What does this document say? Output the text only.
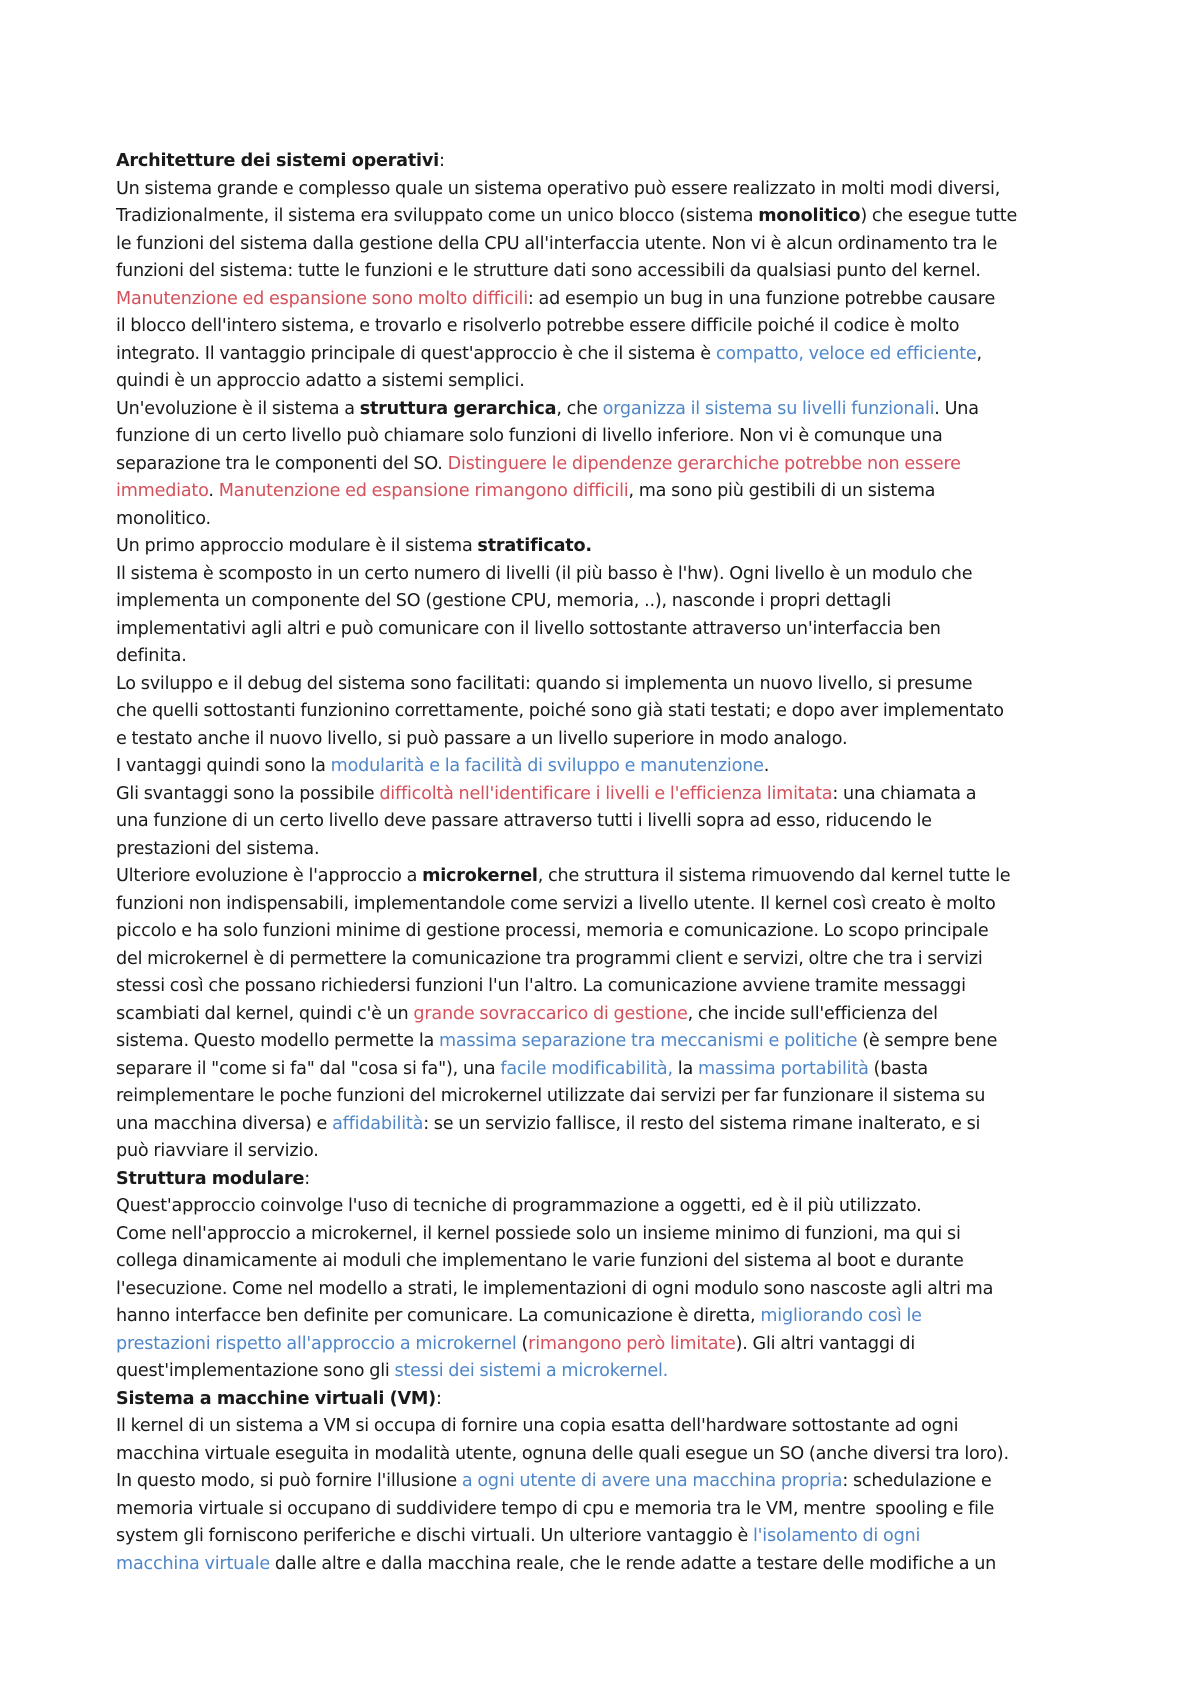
Architetture dei sistemi operativi:
Un sistema grande e complesso quale un sistema operativo può essere realizzato in molti modi diversi,
Tradizionalmente, il sistema era sviluppato come un unico blocco (sistema monolitico) che esegue tutte
le funzioni del sistema dalla gestione della CPU all'interfaccia utente. Non vi è alcun ordinamento tra le
funzioni del sistema: tutte le funzioni e le strutture dati sono accessibili da qualsiasi punto del kernel.
Manutenzione ed espansione sono molto difficili: ad esempio un bug in una funzione potrebbe causare
il blocco dell'intero sistema, e trovarlo e risolverlo potrebbe essere difficile poiché il codice è molto
integrato. Il vantaggio principale di quest'approccio è che il sistema è compatto, veloce ed efficiente,
quindi è un approccio adatto a sistemi semplici.
Un'evoluzione è il sistema a struttura gerarchica, che organizza il sistema su livelli funzionali. Una
funzione di un certo livello può chiamare solo funzioni di livello inferiore. Non vi è comunque una
separazione tra le componenti del SO. Distinguere le dipendenze gerarchiche potrebbe non essere
immediato. Manutenzione ed espansione rimangono difficili, ma sono più gestibili di un sistema
monolitico.
Un primo approccio modulare è il sistema stratificato.
Il sistema è scomposto in un certo numero di livelli (il più basso è l'hw). Ogni livello è un modulo che
implementa un componente del SO (gestione CPU, memoria, ..), nasconde i propri dettagli
implementativi agli altri e può comunicare con il livello sottostante attraverso un'interfaccia ben
definita.
Lo sviluppo e il debug del sistema sono facilitati: quando si implementa un nuovo livello, si presume
che quelli sottostanti funzionino correttamente, poiché sono già stati testati; e dopo aver implementato
e testato anche il nuovo livello, si può passare a un livello superiore in modo analogo.
I vantaggi quindi sono la modularità e la facilità di sviluppo e manutenzione.
Gli svantaggi sono la possibile difficoltà nell'identificare i livelli e l'efficienza limitata: una chiamata a
una funzione di un certo livello deve passare attraverso tutti i livelli sopra ad esso, riducendo le
prestazioni del sistema.
Ulteriore evoluzione è l'approccio a microkernel, che struttura il sistema rimuovendo dal kernel tutte le
funzioni non indispensabili, implementandole come servizi a livello utente. Il kernel così creato è molto
piccolo e ha solo funzioni minime di gestione processi, memoria e comunicazione. Lo scopo principale
del microkernel è di permettere la comunicazione tra programmi client e servizi, oltre che tra i servizi
stessi così che possano richiedersi funzioni l'un l'altro. La comunicazione avviene tramite messaggi
scambiati dal kernel, quindi c'è un grande sovraccarico di gestione, che incide sull'efficienza del
sistema. Questo modello permette la massima separazione tra meccanismi e politiche (è sempre bene
separare il "come si fa" dal "cosa si fa"), una facile modificabilità, la massima portabilità (basta
reimplementare le poche funzioni del microkernel utilizzate dai servizi per far funzionare il sistema su
una macchina diversa) e affidabilità: se un servizio fallisce, il resto del sistema rimane inalterato, e si
può riavviare il servizio.
Struttura modulare:
Quest'approccio coinvolge l'uso di tecniche di programmazione a oggetti, ed è il più utilizzato.
Come nell'approccio a microkernel, il kernel possiede solo un insieme minimo di funzioni, ma qui si
collega dinamicamente ai moduli che implementano le varie funzioni del sistema al boot e durante
l'esecuzione. Come nel modello a strati, le implementazioni di ogni modulo sono nascoste agli altri ma
hanno interfacce ben definite per comunicare. La comunicazione è diretta, migliorando così le
prestazioni rispetto all'approccio a microkernel (rimangono però limitate). Gli altri vantaggi di
quest'implementazione sono gli stessi dei sistemi a microkernel.
Sistema a macchine virtuali (VM):
Il kernel di un sistema a VM si occupa di fornire una copia esatta dell'hardware sottostante ad ogni
macchina virtuale eseguita in modalità utente, ognuna delle quali esegue un SO (anche diversi tra loro).
In questo modo, si può fornire l'illusione a ogni utente di avere una macchina propria: schedulazione e
memoria virtuale si occupano di suddividere tempo di cpu e memoria tra le VM, mentre  spooling e file
system gli forniscono periferiche e dischi virtuali. Un ulteriore vantaggio è l'isolamento di ogni
macchina virtuale dalle altre e dalla macchina reale, che le rende adatte a testare delle modifiche a un
